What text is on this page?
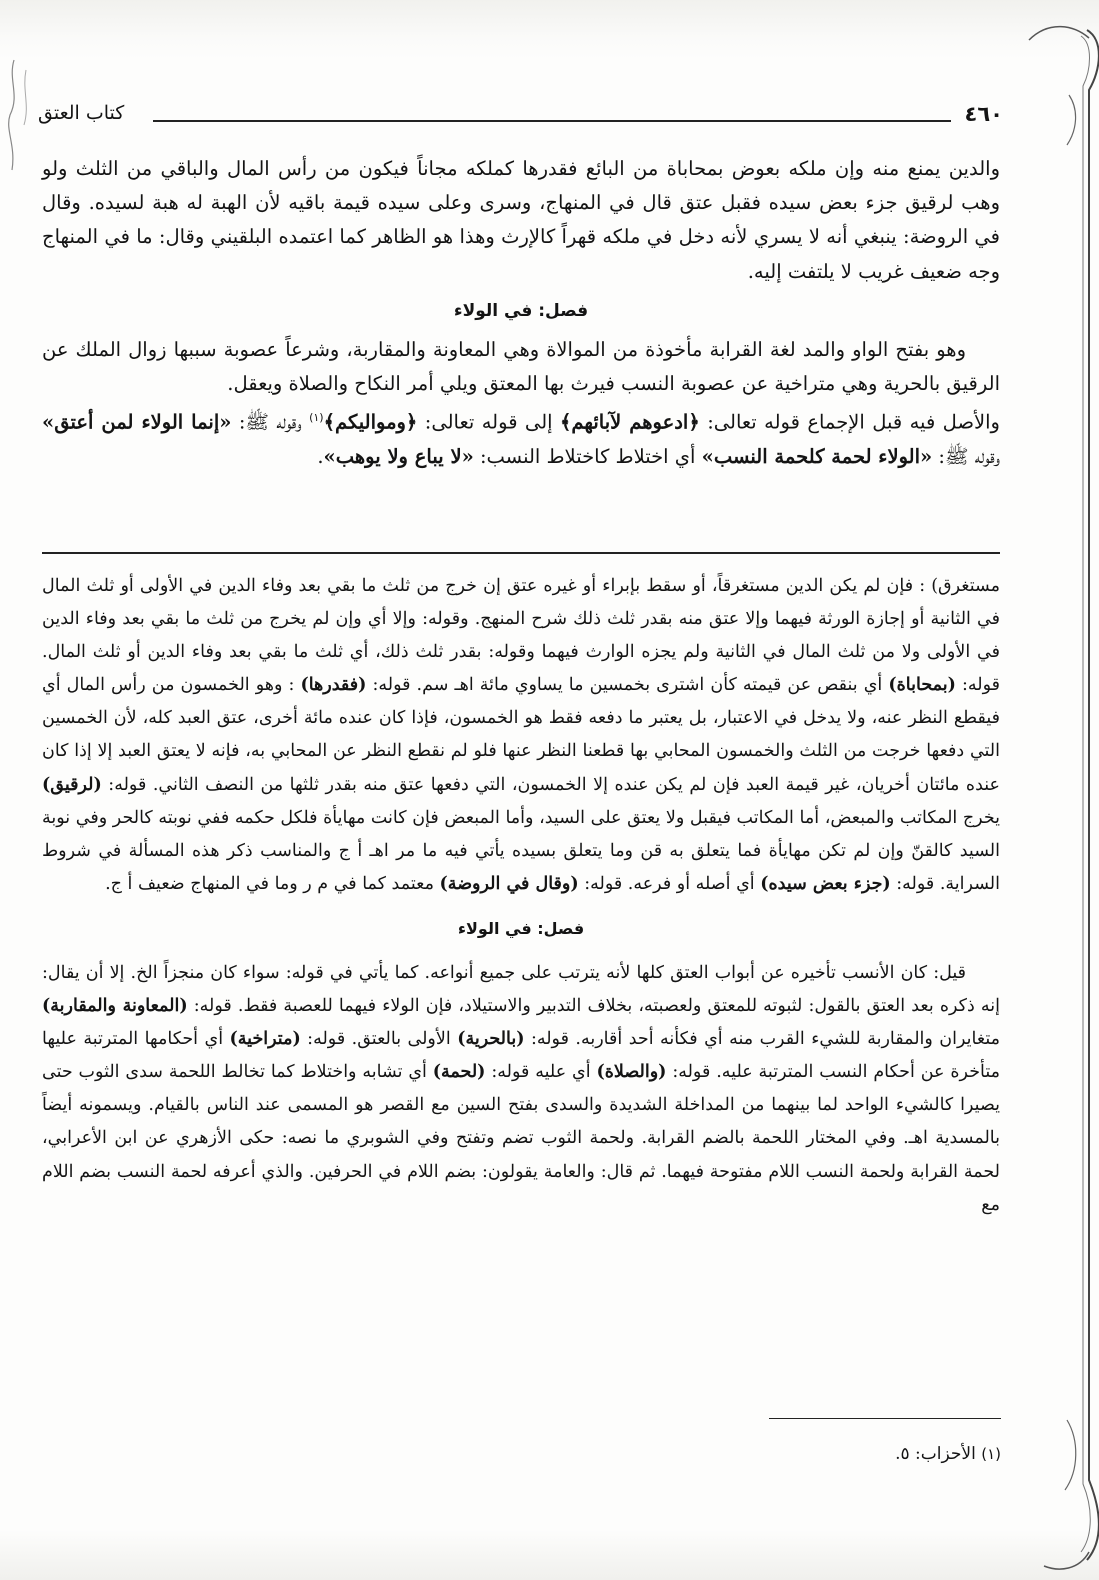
٤٦٠
كتاب العتق

والدين يمنع منه وإن ملكه بعوض بمحاباة من البائع فقدرها كملكه مجاناً فيكون من رأس المال والباقي من الثلث ولو وهب لرقيق جزء بعض سيده فقبل عتق قال في المنهاج، وسرى وعلى سيده قيمة باقيه لأن الهبة له هبة لسيده. وقال في الروضة: ينبغي أنه لا يسري لأنه دخل في ملكه قهراً كالإرث وهذا هو الظاهر كما اعتمده البلقيني وقال: ما في المنهاج وجه ضعيف غريب لا يلتفت إليه.

فصل: في الولاء

وهو بفتح الواو والمد لغة القرابة مأخوذة من الموالاة وهي المعاونة والمقاربة، وشرعاً عصوبة سببها زوال الملك عن الرقيق بالحرية وهي متراخية عن عصوبة النسب فيرث بها المعتق ويلي أمر النكاح والصلاة ويعقل.

والأصل فيه قبل الإجماع قوله تعالى: ﴿ادعوهم لآبائهم﴾ إلى قوله تعالى: ﴿ومواليكم﴾$^{(١)}$ وقوله ﷺ: «إنما الولاء لمن أعتق» وقوله ﷺ: «الولاء لحمة كلحمة النسب» أي اختلاط كاختلاط النسب: «لا يباع ولا يوهب».

مستغرق) : فإن لم يكن الدين مستغرقاً، أو سقط بإبراء أو غيره عتق إن خرج من ثلث ما بقي بعد وفاء الدين في الأولى أو ثلث المال في الثانية أو إجازة الورثة فيهما وإلا عتق منه بقدر ثلث ذلك شرح المنهج. وقوله: وإلا أي وإن لم يخرج من ثلث ما بقي بعد وفاء الدين في الأولى ولا من ثلث المال في الثانية ولم يجزه الوارث فيهما وقوله: بقدر ثلث ذلك، أي ثلث ما بقي بعد وفاء الدين أو ثلث المال. قوله: (بمحاباة) أي بنقص عن قيمته كأن اشترى بخمسين ما يساوي مائة اهـ سم. قوله: (فقدرها) : وهو الخمسون من رأس المال أي فيقطع النظر عنه، ولا يدخل في الاعتبار، بل يعتبر ما دفعه فقط هو الخمسون، فإذا كان عنده مائة أخرى، عتق العبد كله، لأن الخمسين التي دفعها خرجت من الثلث والخمسون المحابي بها قطعنا النظر عنها فلو لم نقطع النظر عن المحابي به، فإنه لا يعتق العبد إلا إذا كان عنده مائتان أخريان، غير قيمة العبد فإن لم يكن عنده إلا الخمسون، التي دفعها عتق منه بقدر ثلثها من النصف الثاني. قوله: (لرقيق) يخرج المكاتب والمبعض، أما المكاتب فيقبل ولا يعتق على السيد، وأما المبعض فإن كانت مهايأة فلكل حكمه ففي نوبته كالحر وفي نوبة السيد كالقنّ وإن لم تكن مهايأة فما يتعلق به قن وما يتعلق بسيده يأتي فيه ما مر اهـ أ ج والمناسب ذكر هذه المسألة في شروط السراية. قوله: (جزء بعض سيده) أي أصله أو فرعه. قوله: (وقال في الروضة) معتمد كما في م ر وما في المنهاج ضعيف أ ج.

فصل: في الولاء

قيل: كان الأنسب تأخيره عن أبواب العتق كلها لأنه يترتب على جميع أنواعه. كما يأتي في قوله: سواء كان منجزاً الخ. إلا أن يقال: إنه ذكره بعد العتق بالقول: لثبوته للمعتق ولعصبته، بخلاف التدبير والاستيلاد، فإن الولاء فيهما للعصبة فقط. قوله: (المعاونة والمقاربة) متغايران والمقاربة للشيء القرب منه أي فكأنه أحد أقاربه. قوله: (بالحرية) الأولى بالعتق. قوله: (متراخية) أي أحكامها المترتبة عليها متأخرة عن أحكام النسب المترتبة عليه. قوله: (والصلاة) أي عليه قوله: (لحمة) أي تشابه واختلاط كما تخالط اللحمة سدى الثوب حتى يصيرا كالشيء الواحد لما بينهما من المداخلة الشديدة والسدى بفتح السين مع القصر هو المسمى عند الناس بالقيام. ويسمونه أيضاً بالمسدية اهـ. وفي المختار اللحمة بالضم القرابة. ولحمة الثوب تضم وتفتح وفي الشوبري ما نصه: حكى الأزهري عن ابن الأعرابي، لحمة القرابة ولحمة النسب اللام مفتوحة فيهما. ثم قال: والعامة يقولون: بضم اللام في الحرفين. والذي أعرفه لحمة النسب بضم اللام مع

(١) الأحزاب: ٥.
